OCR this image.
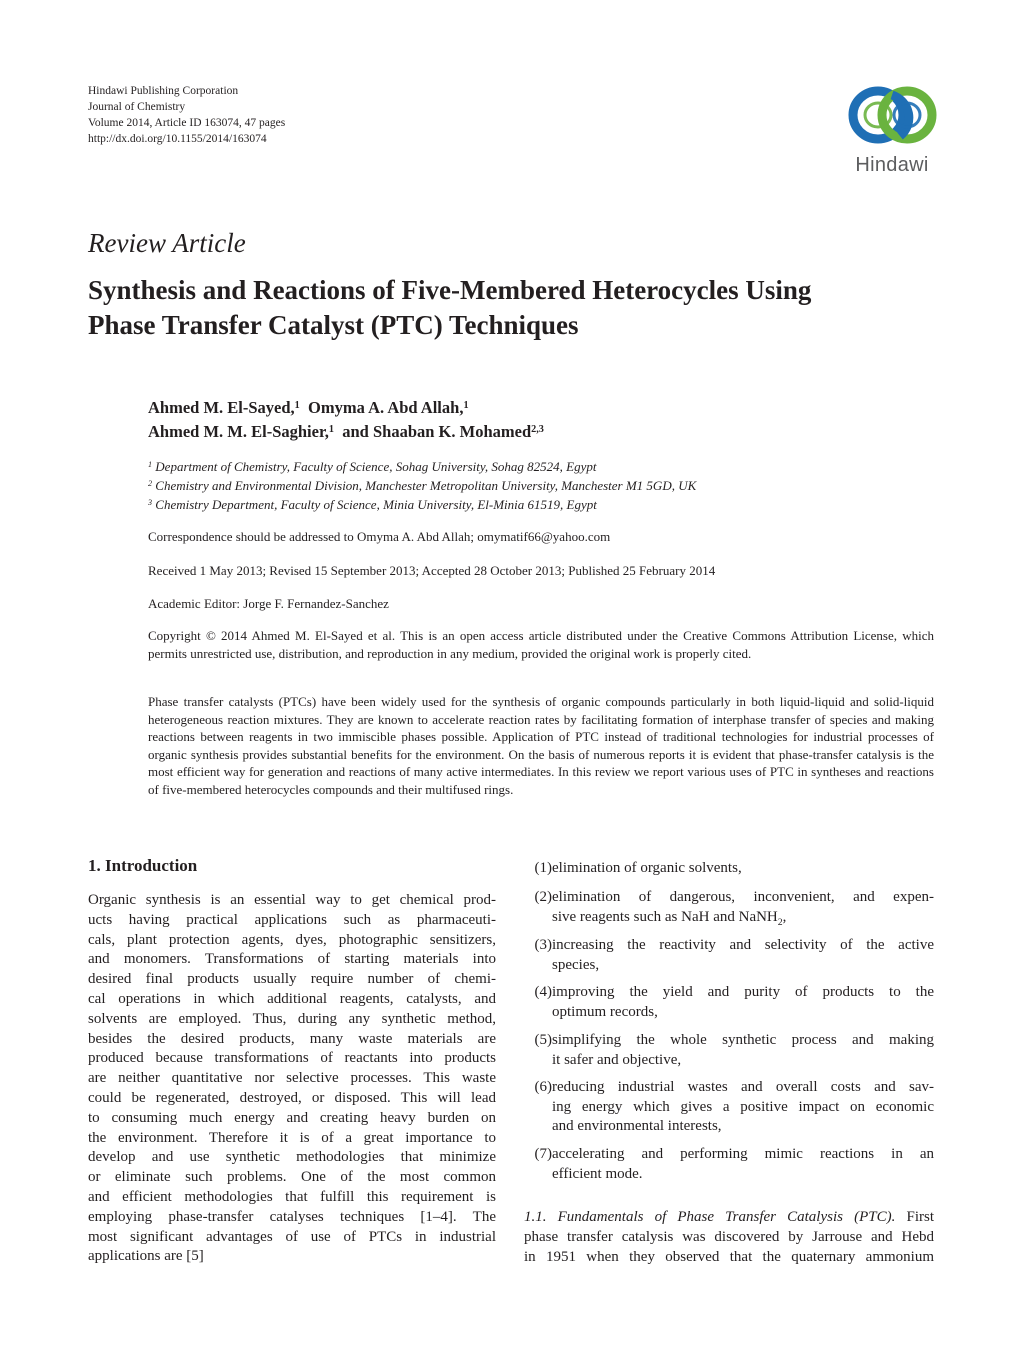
Hindawi Publishing Corporation
Journal of Chemistry
Volume 2014, Article ID 163074, 47 pages
http://dx.doi.org/10.1155/2014/163074
Hindawi
Review Article
Synthesis and Reactions of Five-Membered Heterocycles Using
Phase Transfer Catalyst (PTC) Techniques
Ahmed M. El-Sayed,$^1$ Omyma A. Abd Allah,$^1$
Ahmed M. M. El-Saghier,$^1$ and Shaaban K. Mohamed$^{2,3}$
$^1$ Department of Chemistry, Faculty of Science, Sohag University, Sohag 82524, Egypt
$^2$ Chemistry and Environmental Division, Manchester Metropolitan University, Manchester M1 5GD, UK
$^3$ Chemistry Department, Faculty of Science, Minia University, El-Minia 61519, Egypt
Correspondence should be addressed to Omyma A. Abd Allah; omymatif66@yahoo.com
Received 1 May 2013; Revised 15 September 2013; Accepted 28 October 2013; Published 25 February 2014
Academic Editor: Jorge F. Fernandez-Sanchez
Copyright © 2014 Ahmed M. El-Sayed et al. This is an open access article distributed under the Creative Commons Attribution License, which permits unrestricted use, distribution, and reproduction in any medium, provided the original work is properly cited.
Phase transfer catalysts (PTCs) have been widely used for the synthesis of organic compounds particularly in both liquid-liquid and solid-liquid heterogeneous reaction mixtures. They are known to accelerate reaction rates by facilitating formation of interphase transfer of species and making reactions between reagents in two immiscible phases possible. Application of PTC instead of traditional technologies for industrial processes of organic synthesis provides substantial benefits for the environment. On the basis of numerous reports it is evident that phase-transfer catalysis is the most efficient way for generation and reactions of many active intermediates. In this review we report various uses of PTC in syntheses and reactions of five-membered heterocycles compounds and their multifused rings.
1. Introduction
Organic synthesis is an essential way to get chemical prod-
ucts having practical applications such as pharmaceuti-
cals, plant protection agents, dyes, photographic sensitizers,
and monomers. Transformations of starting materials into
desired final products usually require number of chemi-
cal operations in which additional reagents, catalysts, and
solvents are employed. Thus, during any synthetic method,
besides the desired products, many waste materials are
produced because transformations of reactants into products
are neither quantitative nor selective processes. This waste
could be regenerated, destroyed, or disposed. This will lead
to consuming much energy and creating heavy burden on
the environment. Therefore it is of a great importance to
develop and use synthetic methodologies that minimize
or eliminate such problems. One of the most common
and efficient methodologies that fulfill this requirement is
employing phase-transfer catalyses techniques [1–4]. The
most significant advantages of use of PTCs in industrial
applications are [5]
(1) elimination of organic solvents,
(2) elimination of dangerous, inconvenient, and expen-
sive reagents such as NaH and NaNH$_2$,
(3) increasing the reactivity and selectivity of the active
species,
(4) improving the yield and purity of products to the
optimum records,
(5) simplifying the whole synthetic process and making
it safer and objective,
(6) reducing industrial wastes and overall costs and sav-
ing energy which gives a positive impact on economic
and environmental interests,
(7) accelerating and performing mimic reactions in an
efficient mode.
1.1. Fundamentals of Phase Transfer Catalysis (PTC). First
phase transfer catalysis was discovered by Jarrouse and Hebd
in 1951 when they observed that the quaternary ammonium
